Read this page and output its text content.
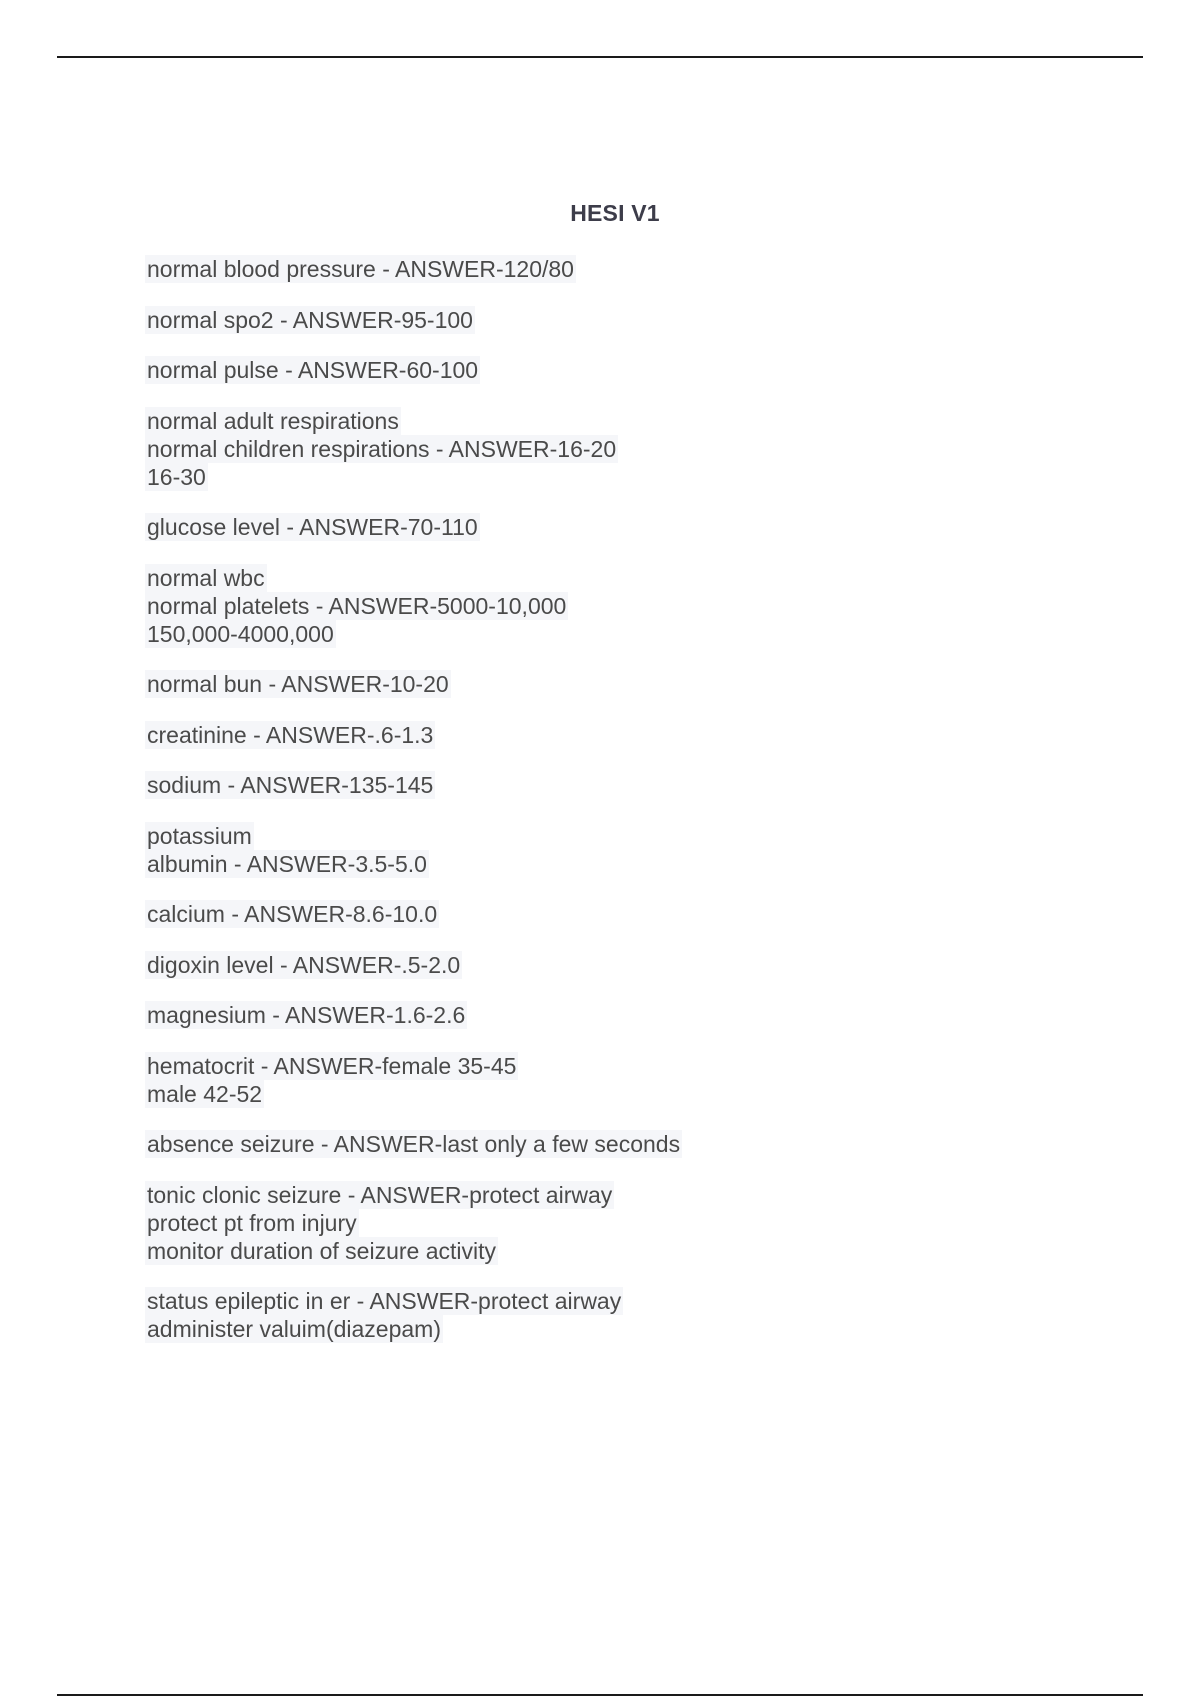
HESI V1
normal blood pressure - ANSWER-120/80
normal spo2 - ANSWER-95-100
normal pulse - ANSWER-60-100
normal adult respirations
normal children respirations - ANSWER-16-20
16-30
glucose level - ANSWER-70-110
normal wbc
normal platelets - ANSWER-5000-10,000
150,000-4000,000
normal bun - ANSWER-10-20
creatinine - ANSWER-.6-1.3
sodium - ANSWER-135-145
potassium
albumin - ANSWER-3.5-5.0
calcium - ANSWER-8.6-10.0
digoxin level - ANSWER-.5-2.0
magnesium - ANSWER-1.6-2.6
hematocrit - ANSWER-female 35-45
male 42-52
absence seizure - ANSWER-last only a few seconds
tonic clonic seizure - ANSWER-protect airway
protect pt from injury
monitor duration of seizure activity
status epileptic in er - ANSWER-protect airway
administer valuim(diazepam)
